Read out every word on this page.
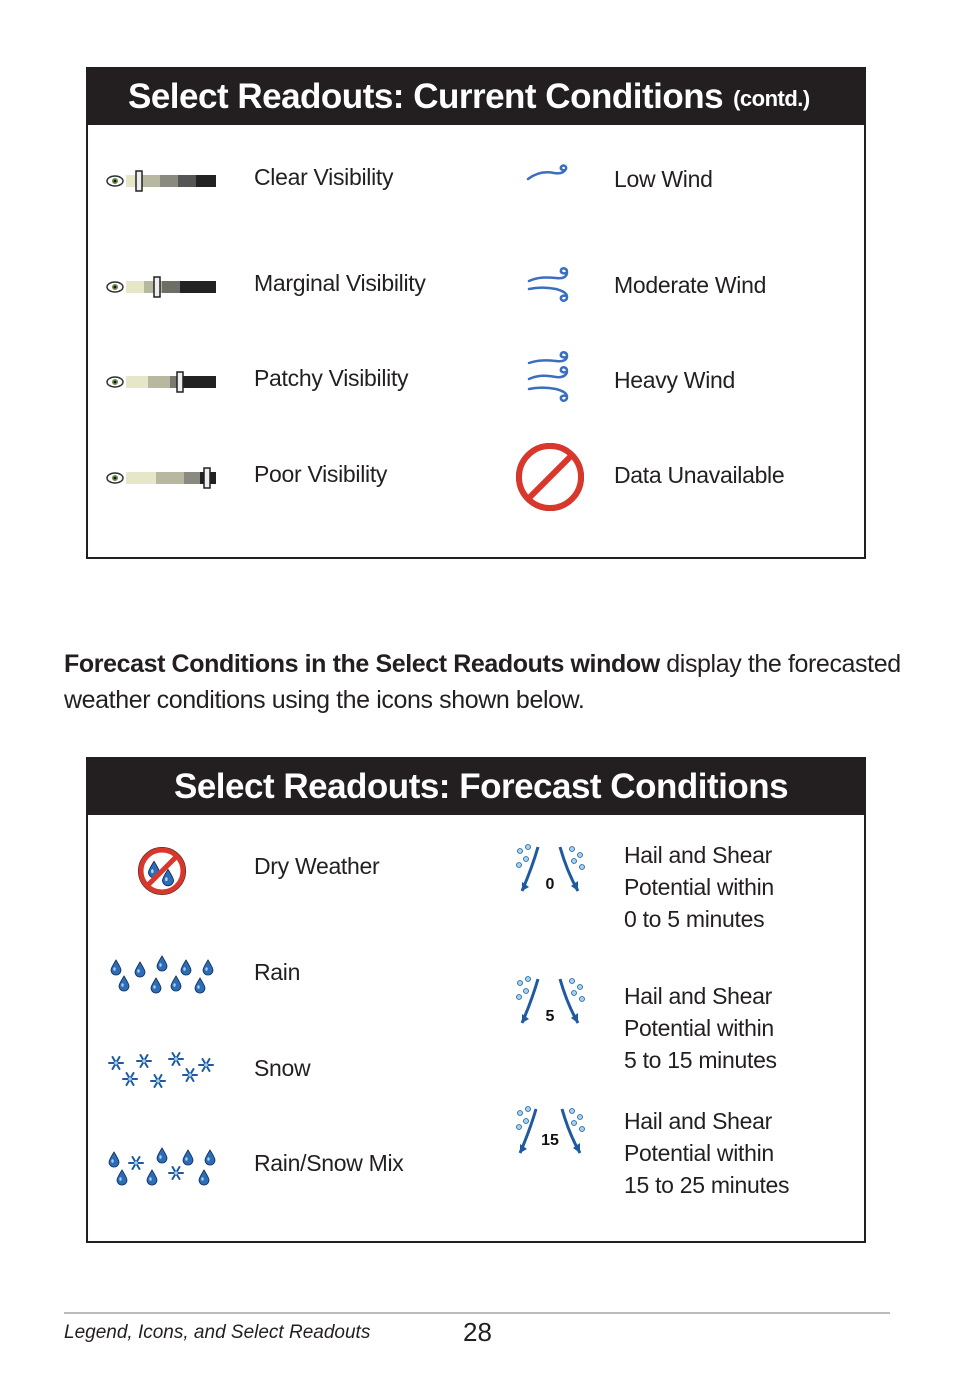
Select Readouts: Current Conditions (contd.)
Clear Visibility	Low Wind
Marginal Visibility	Moderate Wind
Patchy Visibility	Heavy Wind
Poor Visibility	Data Unavailable
Forecast Conditions in the Select Readouts window display the forecasted weather conditions using the icons shown below.
Select Readouts: Forecast Conditions
Dry Weather
Rain
Snow
Rain/Snow Mix
0
Hail and Shear
Potential within
0 to 5 minutes
5
Hail and Shear
Potential within
5 to 15 minutes
15
Hail and Shear
Potential within
15 to 25 minutes
Legend, Icons, and Select Readouts	28
